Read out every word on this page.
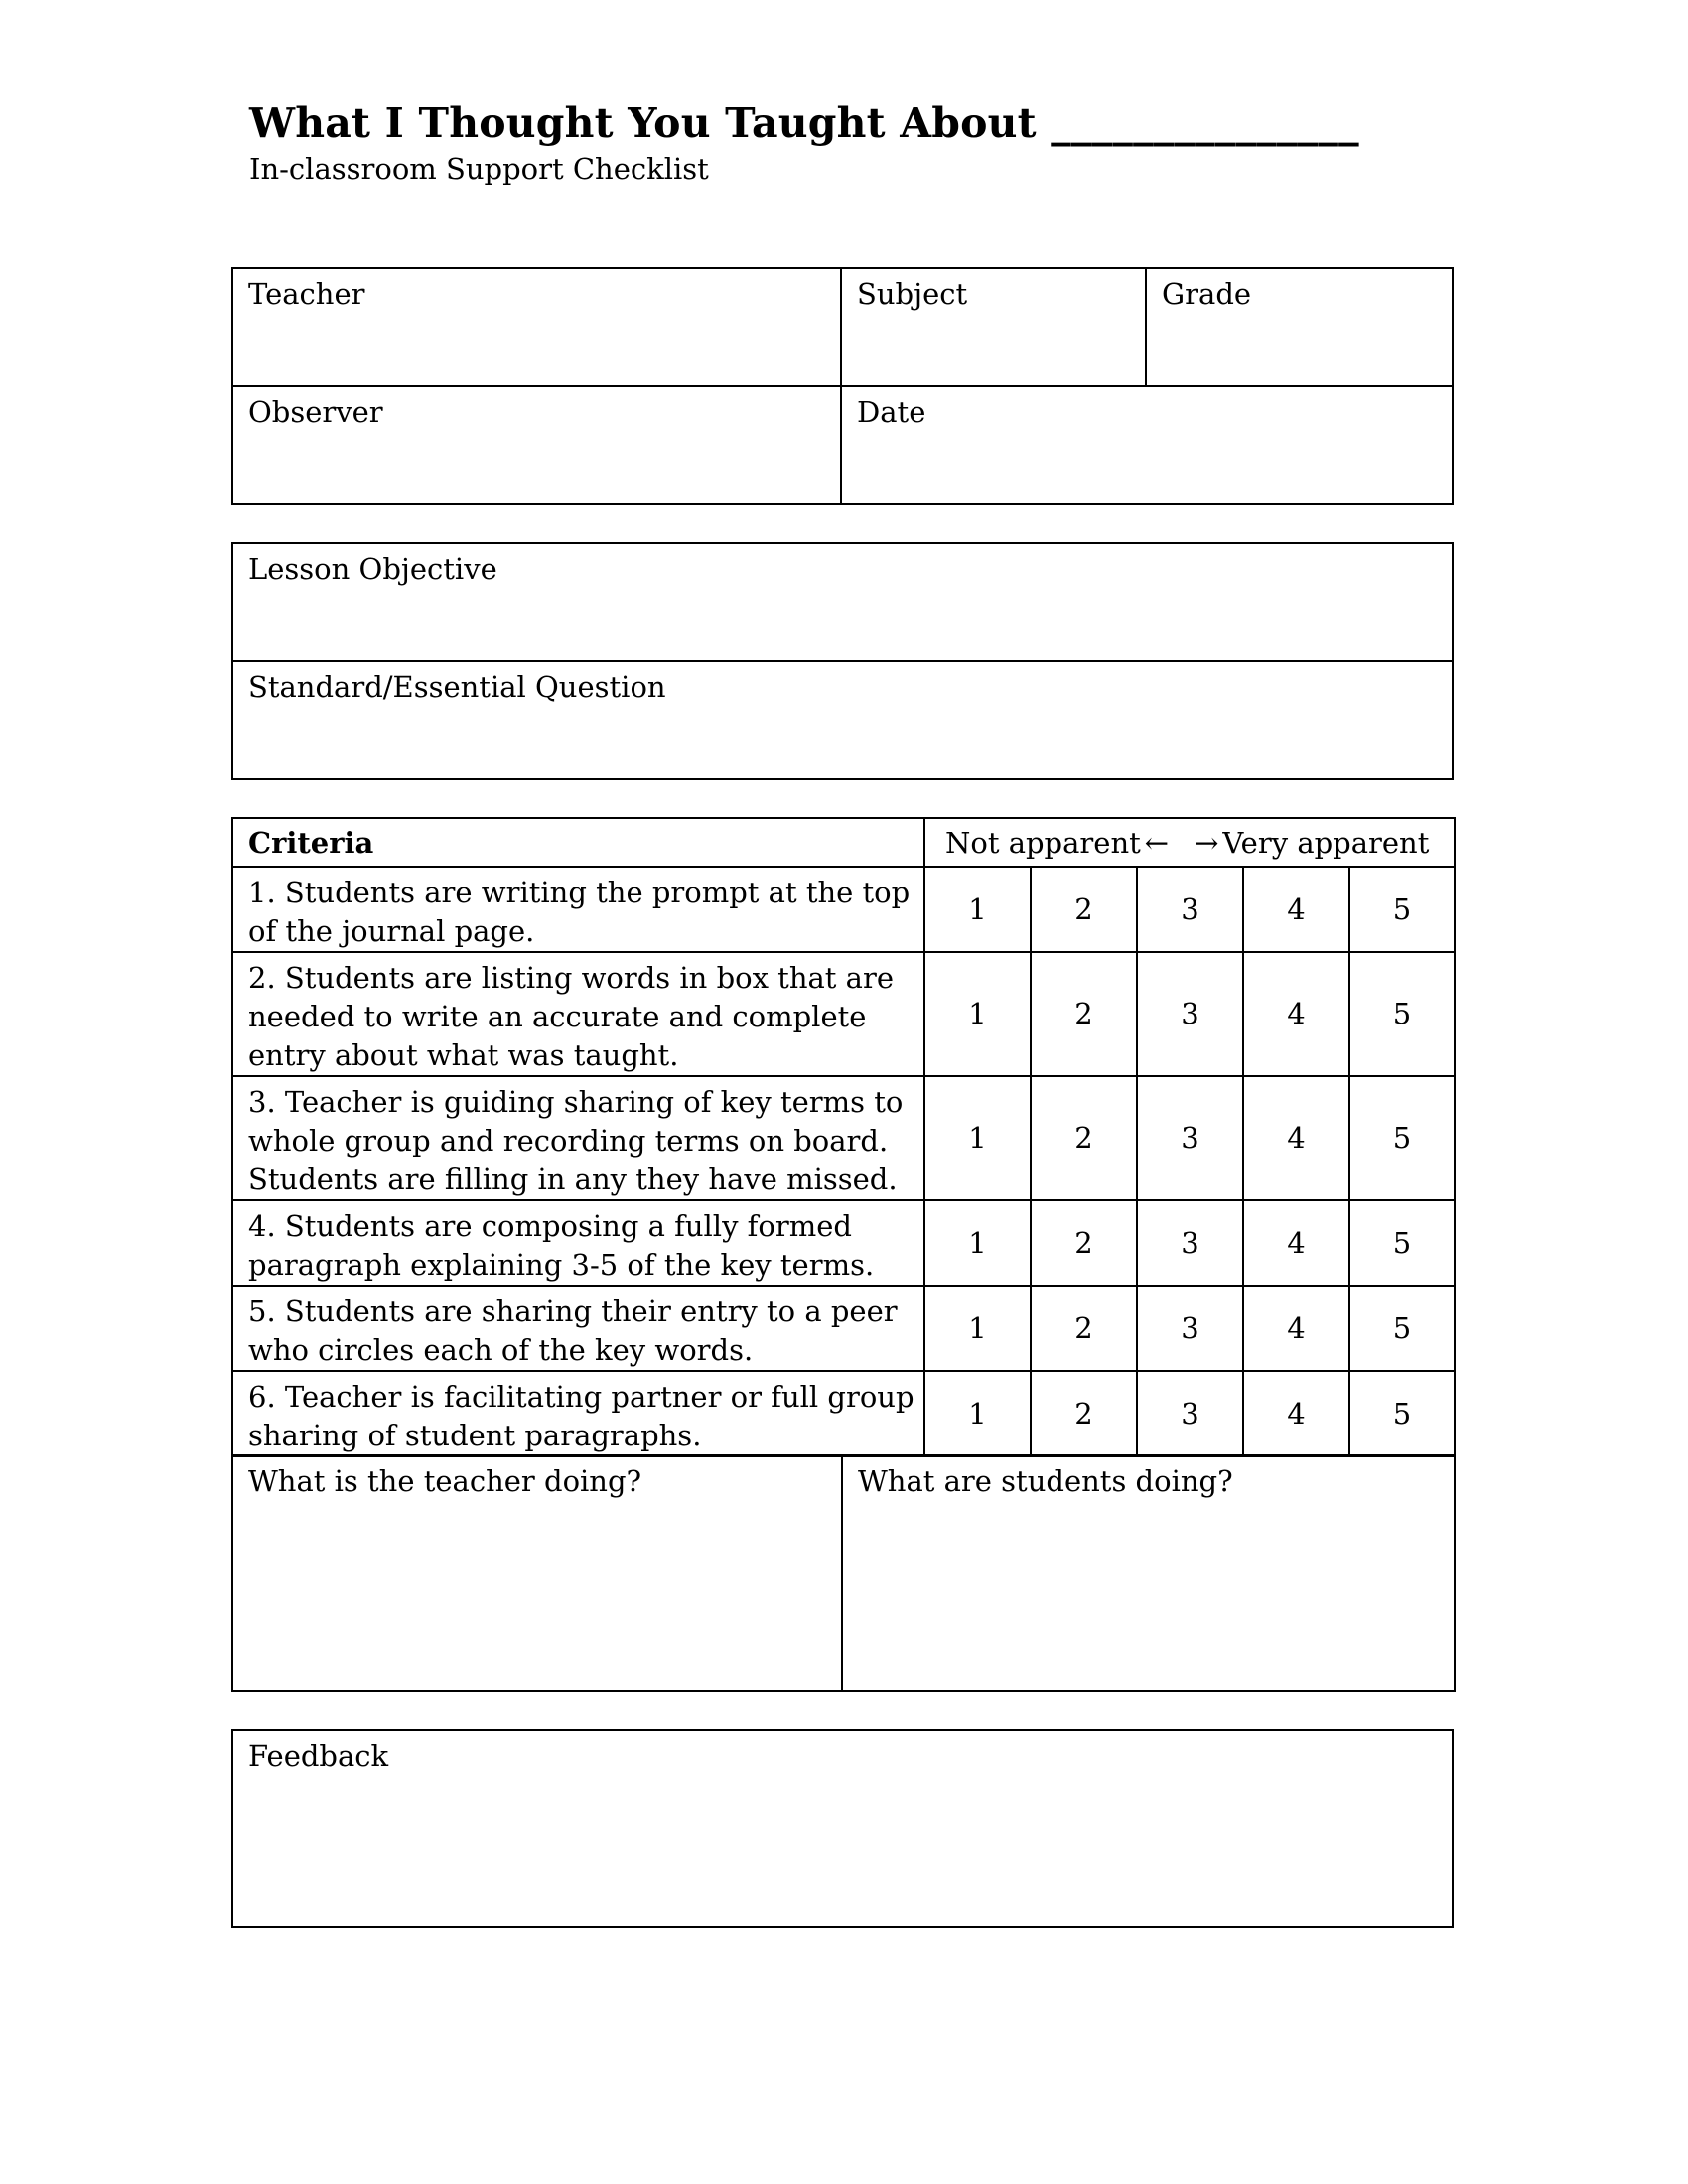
What I Thought You Taught About _______________
In-classroom Support Checklist
Teacher	Subject	Grade
Observer	Date	
Lesson Objective
Standard/Essential Question
Criteria	Not apparent ← → Very apparent				
1. Students are writing the prompt at the top of the journal page.	1	2	3	4	5
2. Students are listing words in box that are needed to write an accurate and complete entry about what was taught.	1	2	3	4	5
3. Teacher is guiding sharing of key terms to whole group and recording terms on board. Students are filling in any they have missed.	1	2	3	4	5
4. Students are composing a fully formed paragraph explaining 3-5 of the key terms.	1	2	3	4	5
5. Students are sharing their entry to a peer who circles each of the key words.	1	2	3	4	5
6. Teacher is facilitating partner or full group sharing of student paragraphs.	1	2	3	4	5
What is the teacher doing?	What are students doing?
Feedback
